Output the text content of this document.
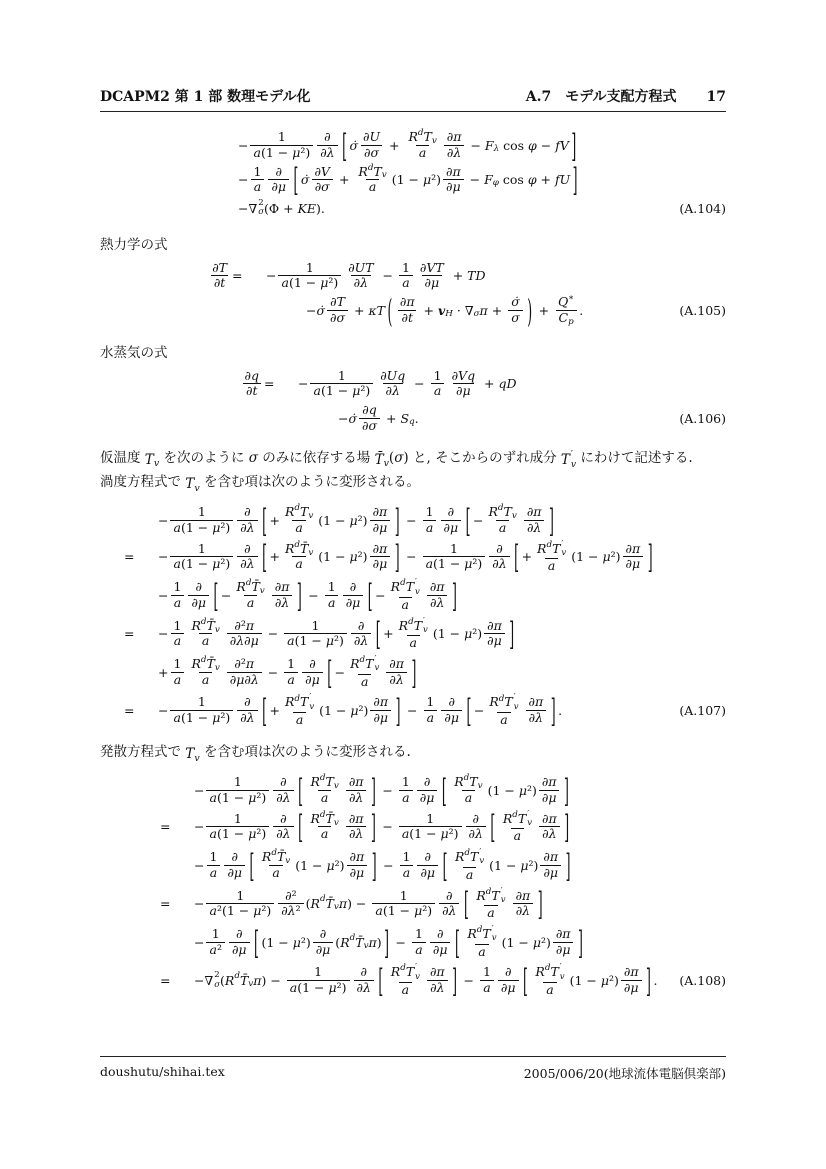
DCAPM2 第 1 部 数理モデル化	A.7　モデル支配方程式 17
− $\frac{1}{\text{a(1 − μ²)}} \frac{\partial}{\partial\lambda}$ [ σ̇ $\frac{\partial U}{\partial\sigma} + \frac{\text{R d T v}}{a} \frac{\partial\pi}{\partial\lambda} - F$ λ cos φ − fV ]
− $\frac{1}{a} \frac{\partial}{\partial\mu}$ [ σ̇ $\frac{\partial V}{\partial\sigma} + \frac{\text{R d T v}}{a} (1 - \mu^2) \frac{\partial\pi}{\partial\mu} - F$ φ cos φ + fU ]
− ∇ 2
σ (Φ + KE).	(A.104)

熱力学の式

$\frac{\partial T}{\partial t}$ =	− $\frac{1}{\text{a(1 − μ²)}} \frac{\partial UT}{\partial\lambda} - \frac{1}{a} \frac{\partial VT}{\partial\mu}$ + TD
−σ̇ $\frac{\partial T}{\partial\sigma} + \kappa T$ ( $\frac{\partial\pi}{\partial t} + v$ H · ∇ σ $\pi + \frac{\sigmȧ}{\sigma}$ ) + $\frac{Q ∗}{\text{C p}}$ .	(A.105)

水蒸気の式

$\frac{\partial q}{\partial t}$ =	− $\frac{1}{\text{a(1 − μ²)}} \frac{\partial Uq}{\partial\lambda} - \frac{1}{a} \frac{\partial Vq}{\partial\mu}$ + qD
−σ̇ $\frac{\partial q}{\partial\sigma} + S$ q .	(A.106)

仮温度 T v を次のように σ のみに依存する場 T̄ v (σ) と, そこからのずれ成分 T ′
v にわけて記述する.
渦度方程式で T v を含む項は次のように変形される。

− $\frac{1}{\text{a(1 − μ²)}} \frac{\partial}{\partial\lambda}$ [ + $\frac{\text{R d T v}}{a} (1 - \mu^2) \frac{\partial\pi}{\partial\mu}$ ] − $\frac{1}{a} \frac{\partial}{\partial\mu}$ [ − $\frac{\text{R d T v}}{a} \frac{\partial\pi}{\partial\lambda}$ ]
=	− $\frac{1}{\text{a(1 − μ²)}} \frac{\partial}{\partial\lambda}$ [ + $\frac{\text{R d T̄ v}}{a} (1 - \mu^2) \frac{\partial\pi}{\partial\mu}$ ] − $\frac{1}{\text{a(1 − μ²)}} \frac{\partial}{\partial\lambda}$ [ + R d T ′
v
a $(1 - \mu^2) \frac{\partial\pi}{\partial\mu}$ ]
− $\frac{1}{a} \frac{\partial}{\partial\mu}$ [ − $\frac{\text{R d T̄ v}}{a} \frac{\partial\pi}{\partial\lambda}$ ] − $\frac{1}{a} \frac{\partial}{\partial\mu}$ [ − R d T ′
v
a $\frac{\partial\pi}{\partial\lambda}$ ]
=	− $\frac{1}{a} \frac{\text{R d T̄ v}}{a} \frac{\text{∂²π}}{\partial\lambda\partial\mu} - \frac{1}{\text{a(1 − μ²)}} \frac{\partial}{\partial\lambda}$ [ + R d T ′
v
a $(1 - \mu^2) \frac{\partial\pi}{\partial\mu}$ ]
+ $\frac{1}{a} \frac{\text{R d T̄ v}}{a} \frac{\text{∂²π}}{\partial\mu\partial\lambda} - \frac{1}{a} \frac{\partial}{\partial\mu}$ [ − R d T ′
v
a $\frac{\partial\pi}{\partial\lambda}$ ]
=	− $\frac{1}{\text{a(1 − μ²)}} \frac{\partial}{\partial\lambda}$ [ + R d T ′
v
a $(1 - \mu^2) \frac{\partial\pi}{\partial\mu}$ ] − $\frac{1}{a} \frac{\partial}{\partial\mu}$ [ − R d T ′
v
a $\frac{\partial\pi}{\partial\lambda}$ ] .	(A.107)

発散方程式で T v を含む項は次のように変形される.

− $\frac{1}{\text{a(1 − μ²)}} \frac{\partial}{\partial\lambda}$ [ $\frac{\text{R d T v}}{a} \frac{\partial\pi}{\partial\lambda}$ ] − $\frac{1}{a} \frac{\partial}{\partial\mu}$ [ $\frac{\text{R d T v}}{a} (1 - \mu^2) \frac{\partial\pi}{\partial\mu}$ ]
=	− $\frac{1}{\text{a(1 − μ²)}} \frac{\partial}{\partial\lambda}$ [ $\frac{\text{R d T̄ v}}{a} \frac{\partial\pi}{\partial\lambda}$ ] − $\frac{1}{\text{a(1 − μ²)}} \frac{\partial}{\partial\lambda}$ [ R d T ′
v
a $\frac{\partial\pi}{\partial\lambda}$ ]
− $\frac{1}{a} \frac{\partial}{\partial\mu}$ [ $\frac{\text{R d T̄ v}}{a} (1 - \mu^2) \frac{\partial\pi}{\partial\mu}$ ] − $\frac{1}{a} \frac{\partial}{\partial\mu}$ [ R d T ′
v
a $(1 - \mu^2) \frac{\partial\pi}{\partial\mu}$ ]
=	− $\frac{1}{\text{a²(1 − μ²)}} \frac{\text{∂²}}{\text{∂λ²}}$ ( R d T̄ v $\pi) - \frac{1}{\text{a(1 − μ²)}} \frac{\partial}{\partial\lambda}$ [ R d T ′
v
a $\frac{\partial\pi}{\partial\lambda}$ ]
− $\frac{1}{\text{a²}} \frac{\partial}{\partial\mu}$ [ $(1 - \mu^2) \frac{\partial}{\partial\mu}$ ( R d T̄ v π) ] − $\frac{1}{a} \frac{\partial}{\partial\mu}$ [ R d T ′
v
a $(1 - \mu^2) \frac{\partial\pi}{\partial\mu}$ ]
=	− ∇ 2
σ ( R d T̄ v $\pi) - \frac{1}{\text{a(1 − μ²)}} \frac{\partial}{\partial\lambda}$ [ R d T ′
v
a $\frac{\partial\pi}{\partial\lambda}$ ] − $\frac{1}{a} \frac{\partial}{\partial\mu}$ [ R d T ′
v
a $(1 - \mu^2) \frac{\partial\pi}{\partial\mu}$ ] .	(A.108)
doushutu/shihai.tex	2005/006/20(地球流体電脳倶楽部)
